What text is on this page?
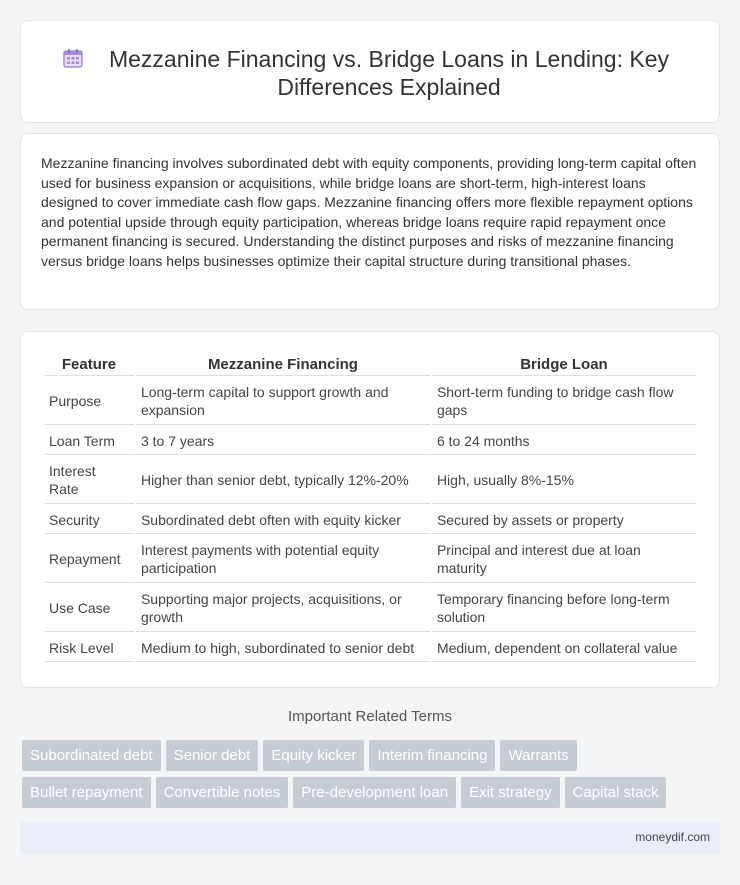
Mezzanine Financing vs. Bridge Loans in Lending: Key Differences Explained

Mezzanine financing involves subordinated debt with equity components, providing long-term capital often used for business expansion or acquisitions, while bridge loans are short-term, high-interest loans designed to cover immediate cash flow gaps. Mezzanine financing offers more flexible repayment options and potential upside through equity participation, whereas bridge loans require rapid repayment once permanent financing is secured. Understanding the distinct purposes and risks of mezzanine financing versus bridge loans helps businesses optimize their capital structure during transitional phases.

Feature	Mezzanine Financing	Bridge Loan
Purpose	Long-term capital to support growth and expansion	Short-term funding to bridge cash flow gaps
Loan Term	3 to 7 years	6 to 24 months
Interest Rate	Higher than senior debt, typically 12%-20%	High, usually 8%-15%
Security	Subordinated debt often with equity kicker	Secured by assets or property
Repayment	Interest payments with potential equity participation	Principal and interest due at loan maturity
Use Case	Supporting major projects, acquisitions, or growth	Temporary financing before long-term solution
Risk Level	Medium to high, subordinated to senior debt	Medium, dependent on collateral value
Important Related Terms
Subordinated debt	Senior debt	Equity kicker	Interim financing	Warrants
Bullet repayment	Convertible notes	Pre-development loan	Exit strategy	Capital stack
moneydif.com
